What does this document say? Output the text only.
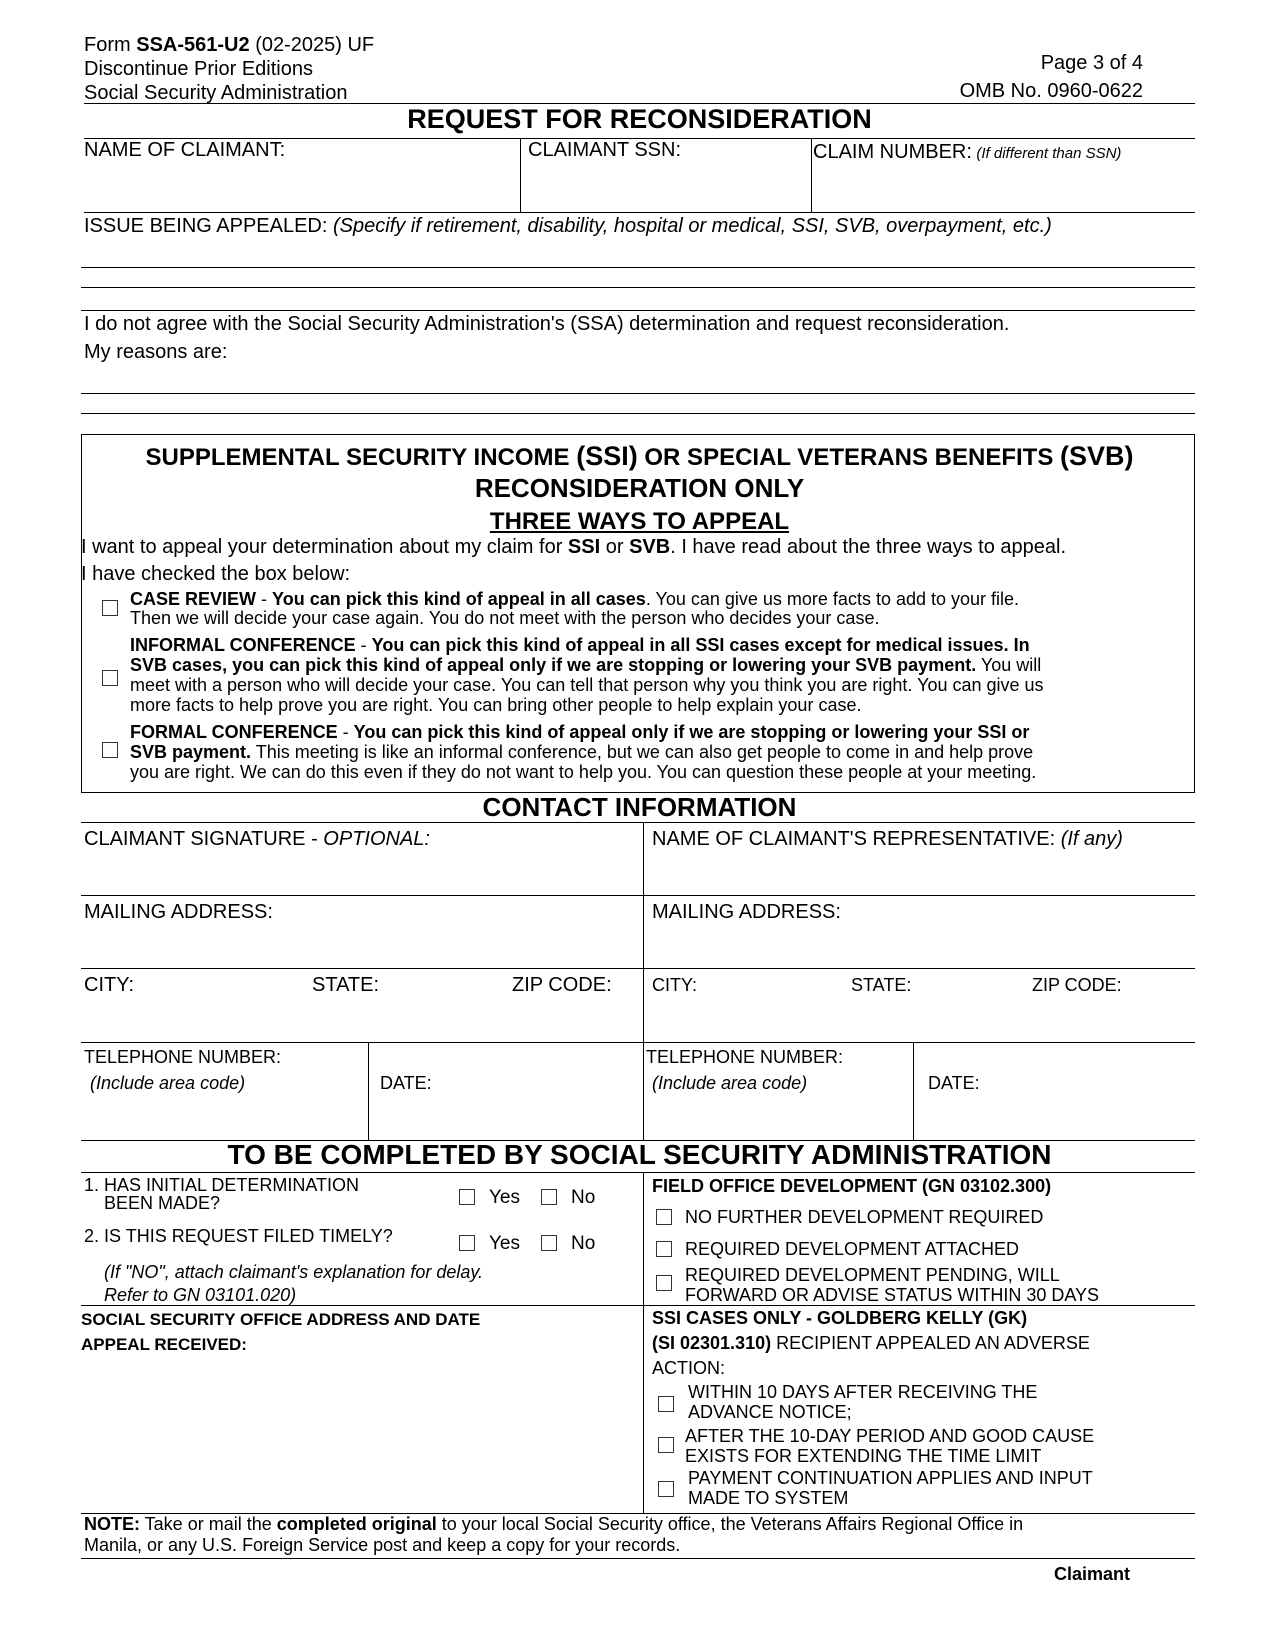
Form SSA-561-U2 (02-2025) UF
Discontinue Prior Editions
Social Security Administration
Page 3 of 4
OMB No. 0960-0622
REQUEST FOR RECONSIDERATION
NAME OF CLAIMANT:	CLAIMANT SSN:	CLAIM NUMBER: (If different than SSN)
ISSUE BEING APPEALED: (Specify if retirement, disability, hospital or medical, SSI, SVB, overpayment, etc.)
I do not agree with the Social Security Administration's (SSA) determination and request reconsideration.
My reasons are:
SUPPLEMENTAL SECURITY INCOME (SSI) OR SPECIAL VETERANS BENEFITS (SVB)
RECONSIDERATION ONLY
THREE WAYS TO APPEAL
I want to appeal your determination about my claim for SSI or SVB. I have read about the three ways to appeal.
I have checked the box below:
CASE REVIEW - You can pick this kind of appeal in all cases. You can give us more facts to add to your file.
Then we will decide your case again. You do not meet with the person who decides your case.
INFORMAL CONFERENCE - You can pick this kind of appeal in all SSI cases except for medical issues. In
SVB cases, you can pick this kind of appeal only if we are stopping or lowering your SVB payment. You will
meet with a person who will decide your case. You can tell that person why you think you are right. You can give us
more facts to help prove you are right. You can bring other people to help explain your case.
FORMAL CONFERENCE - You can pick this kind of appeal only if we are stopping or lowering your SSI or
SVB payment. This meeting is like an informal conference, but we can also get people to come in and help prove
you are right. We can do this even if they do not want to help you. You can question these people at your meeting.
CONTACT INFORMATION
CLAIMANT SIGNATURE - OPTIONAL:	NAME OF CLAIMANT'S REPRESENTATIVE: (If any)
MAILING ADDRESS:	MAILING ADDRESS:
CITY:	STATE:	ZIP CODE: CITY:	STATE:	ZIP CODE:
TELEPHONE NUMBER:
(Include area code)	DATE:
TELEPHONE NUMBER:
(Include area code)	DATE:
TO BE COMPLETED BY SOCIAL SECURITY ADMINISTRATION
1. HAS INITIAL DETERMINATION
BEEN MADE?	Yes	No
2. IS THIS REQUEST FILED TIMELY?	Yes	No
(If "NO", attach claimant's explanation for delay.
Refer to GN 03101.020)
FIELD OFFICE DEVELOPMENT (GN 03102.300)
NO FURTHER DEVELOPMENT REQUIRED
REQUIRED DEVELOPMENT ATTACHED
REQUIRED DEVELOPMENT PENDING, WILL
FORWARD OR ADVISE STATUS WITHIN 30 DAYS
SOCIAL SECURITY OFFICE ADDRESS AND DATE
APPEAL RECEIVED:
SSI CASES ONLY - GOLDBERG KELLY (GK)
(SI 02301.310) RECIPIENT APPEALED AN ADVERSE
ACTION:
WITHIN 10 DAYS AFTER RECEIVING THE
ADVANCE NOTICE;
AFTER THE 10-DAY PERIOD AND GOOD CAUSE
EXISTS FOR EXTENDING THE TIME LIMIT
PAYMENT CONTINUATION APPLIES AND INPUT
MADE TO SYSTEM
NOTE: Take or mail the completed original to your local Social Security office, the Veterans Affairs Regional Office in
Manila, or any U.S. Foreign Service post and keep a copy for your records.
Claimant
